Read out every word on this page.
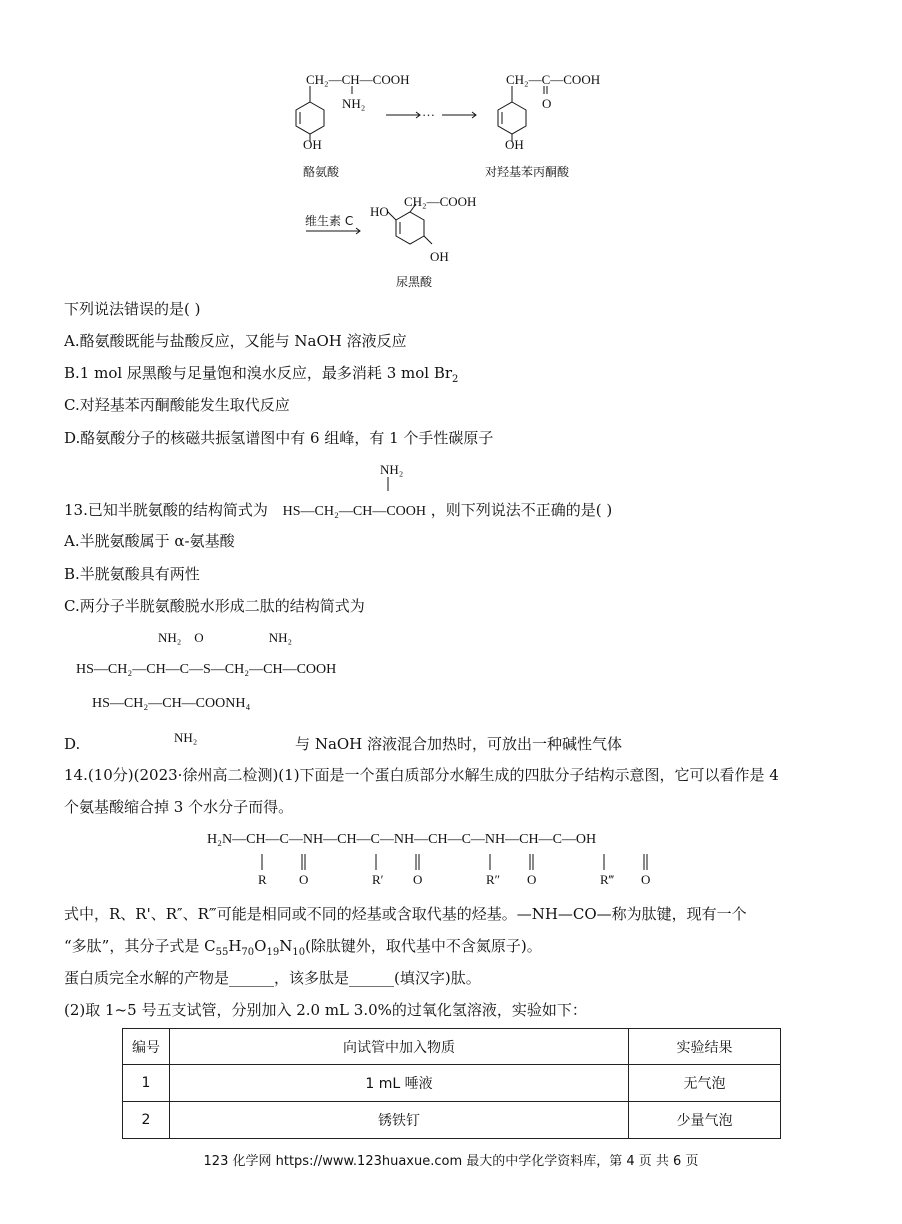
CH₂—CH—COOH
NH₂
OH
…
酪氨酸
CH₂—C—COOH
O
OH
对羟基苯丙酮酸
维生素 C
CH₂—COOH
HO
OH
尿黑酸
下列说法错误的是( )
A.酪氨酸既能与盐酸反应，又能与 NaOH 溶液反应
B.1 mol 尿黑酸与足量饱和溴水反应，最多消耗 3 mol $Br_2$
C.对羟基苯丙酮酸能发生取代反应
D.酪氨酸分子的核磁共振氢谱图中有 6 组峰，有 1 个手性碳原子
NH₂
13.已知半胱氨酸的结构简式为 HS—CH₂—CH—COOH ，则下列说法不正确的是( )
A.半胱氨酸属于 α-氨基酸
B.半胱氨酸具有两性
C.两分子半胱氨酸脱水形成二肽的结构简式为
NH₂    O                    NH₂
HS—CH₂—CH—C—S—CH₂—CH—COOH
HS—CH₂—CH—COONH₄
NH₂
D.	与 NaOH 溶液混合加热时，可放出一种碱性气体
14.(10分)(2023·徐州高二检测)(1)下面是一个蛋白质部分水解生成的四肽分子结构示意图，它可以看作是 4
个氨基酸缩合掉 3 个水分子而得。
H₂N—CH—C—NH—CH—C—NH—CH—C—NH—CH—C—OH
R	R′	R″	R‴
O	O	O	O
式中，R、R'、R″、R‴可能是相同或不同的烃基或含取代基的烃基。—NH—CO—称为肽键，现有一个
“多肽”，其分子式是 $C_{55}H_{70}O_{19}N_{10}$(除肽键外，取代基中不含氮原子)。
蛋白质完全水解的产物是______，该多肽是______(填汉字)肽。
(2)取 1~5 号五支试管，分别加入 2.0 mL 3.0%的过氧化氢溶液，实验如下：
编号	向试管中加入物质	实验结果
1	1 mL 唾液	无气泡
2	锈铁钉	少量气泡
123 化学网 https://www.123huaxue.com 最大的中学化学资料库，第 4 页 共 6 页
